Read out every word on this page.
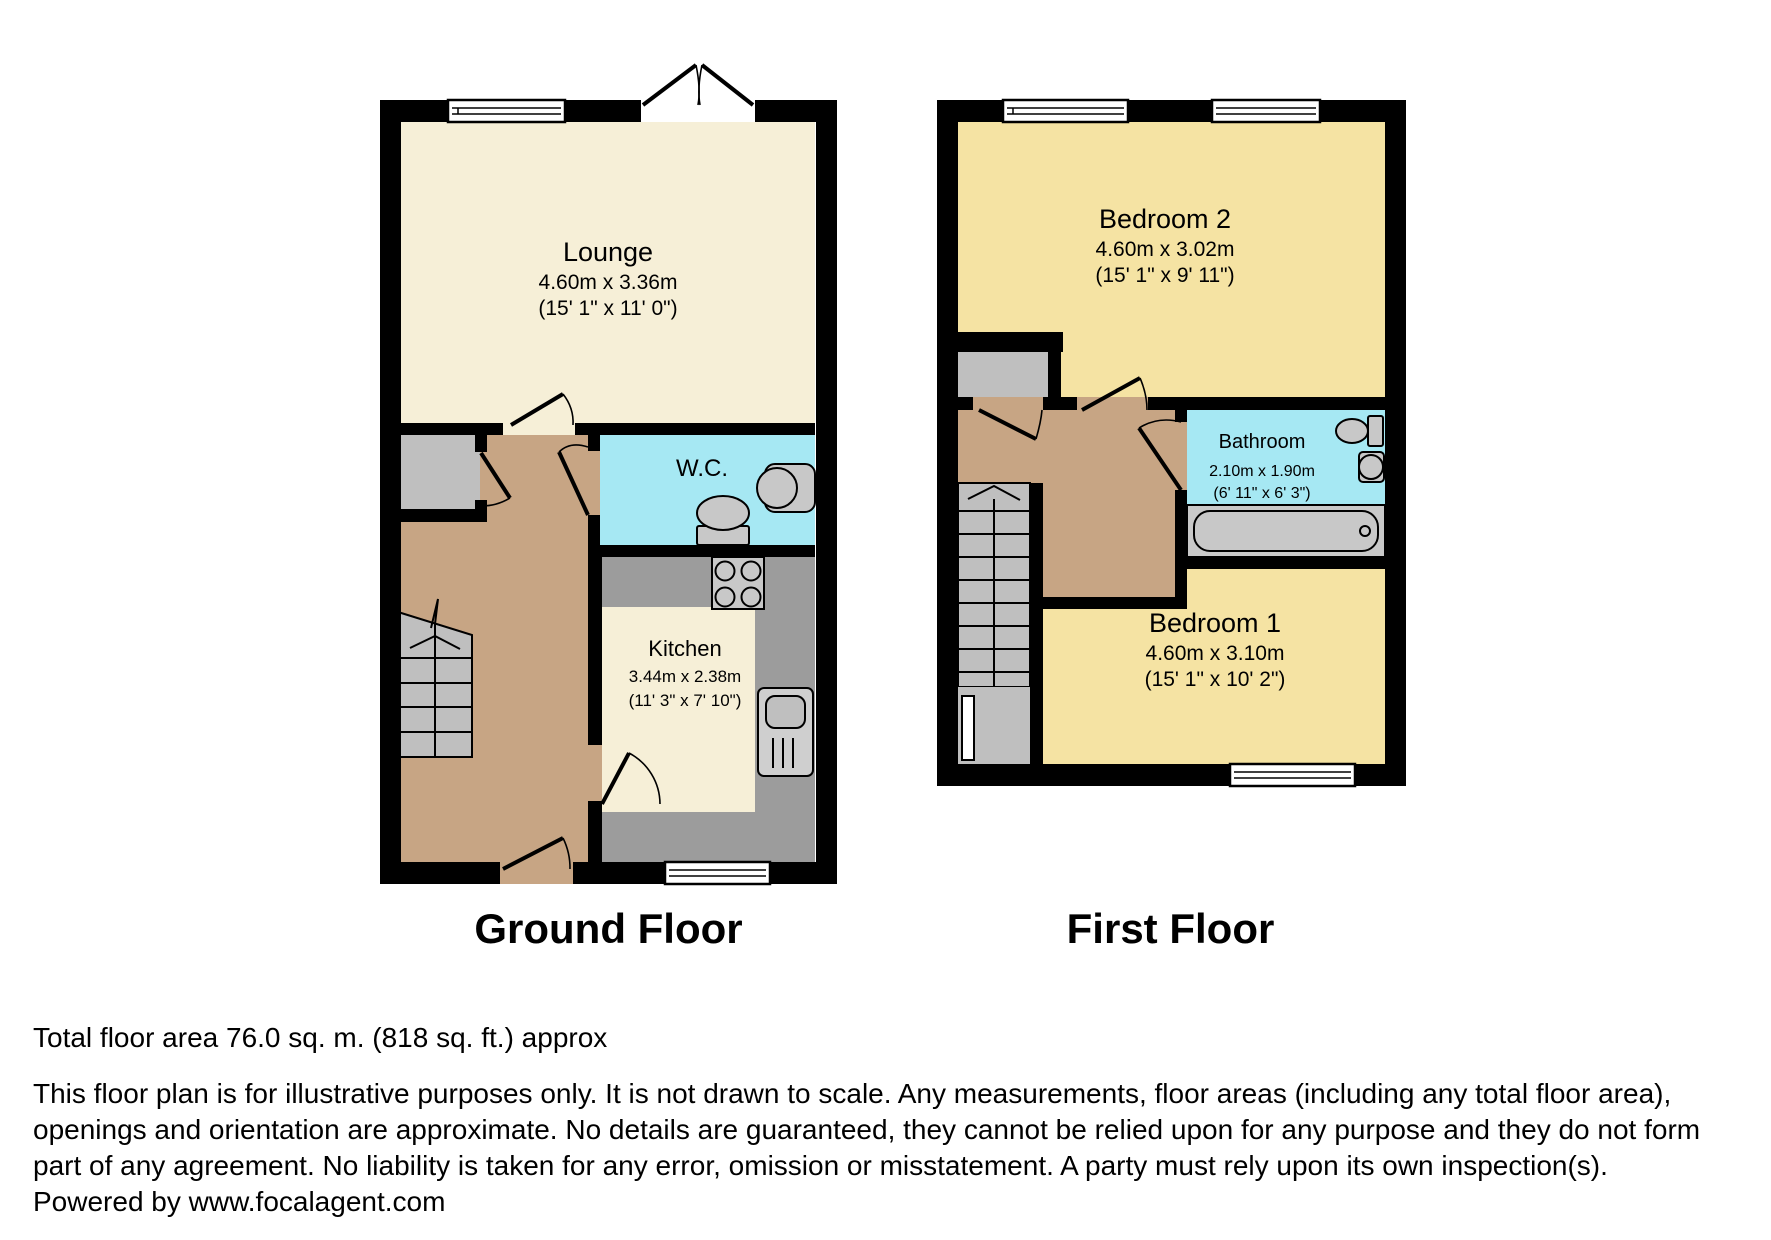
Lounge
4.60m x 3.36m
(15' 1" x 11' 0")
W.C.
Kitchen
3.44m x 2.38m
(11' 3" x 7' 10")
Bedroom 2
4.60m x 3.02m
(15' 1" x 9' 11")
Bathroom
2.10m x 1.90m
(6' 11" x 6' 3")
Bedroom 1
4.60m x 3.10m
(15' 1" x 10' 2")
Ground Floor	First Floor
Total floor area 76.0 sq. m. (818 sq. ft.) approx
This floor plan is for illustrative purposes only. It is not drawn to scale. Any measurements, floor areas (including any total floor area),
openings and orientation are approximate. No details are guaranteed, they cannot be relied upon for any purpose and they do not form
part of any agreement. No liability is taken for any error, omission or misstatement. A party must rely upon its own inspection(s).
Powered by www.focalagent.com
